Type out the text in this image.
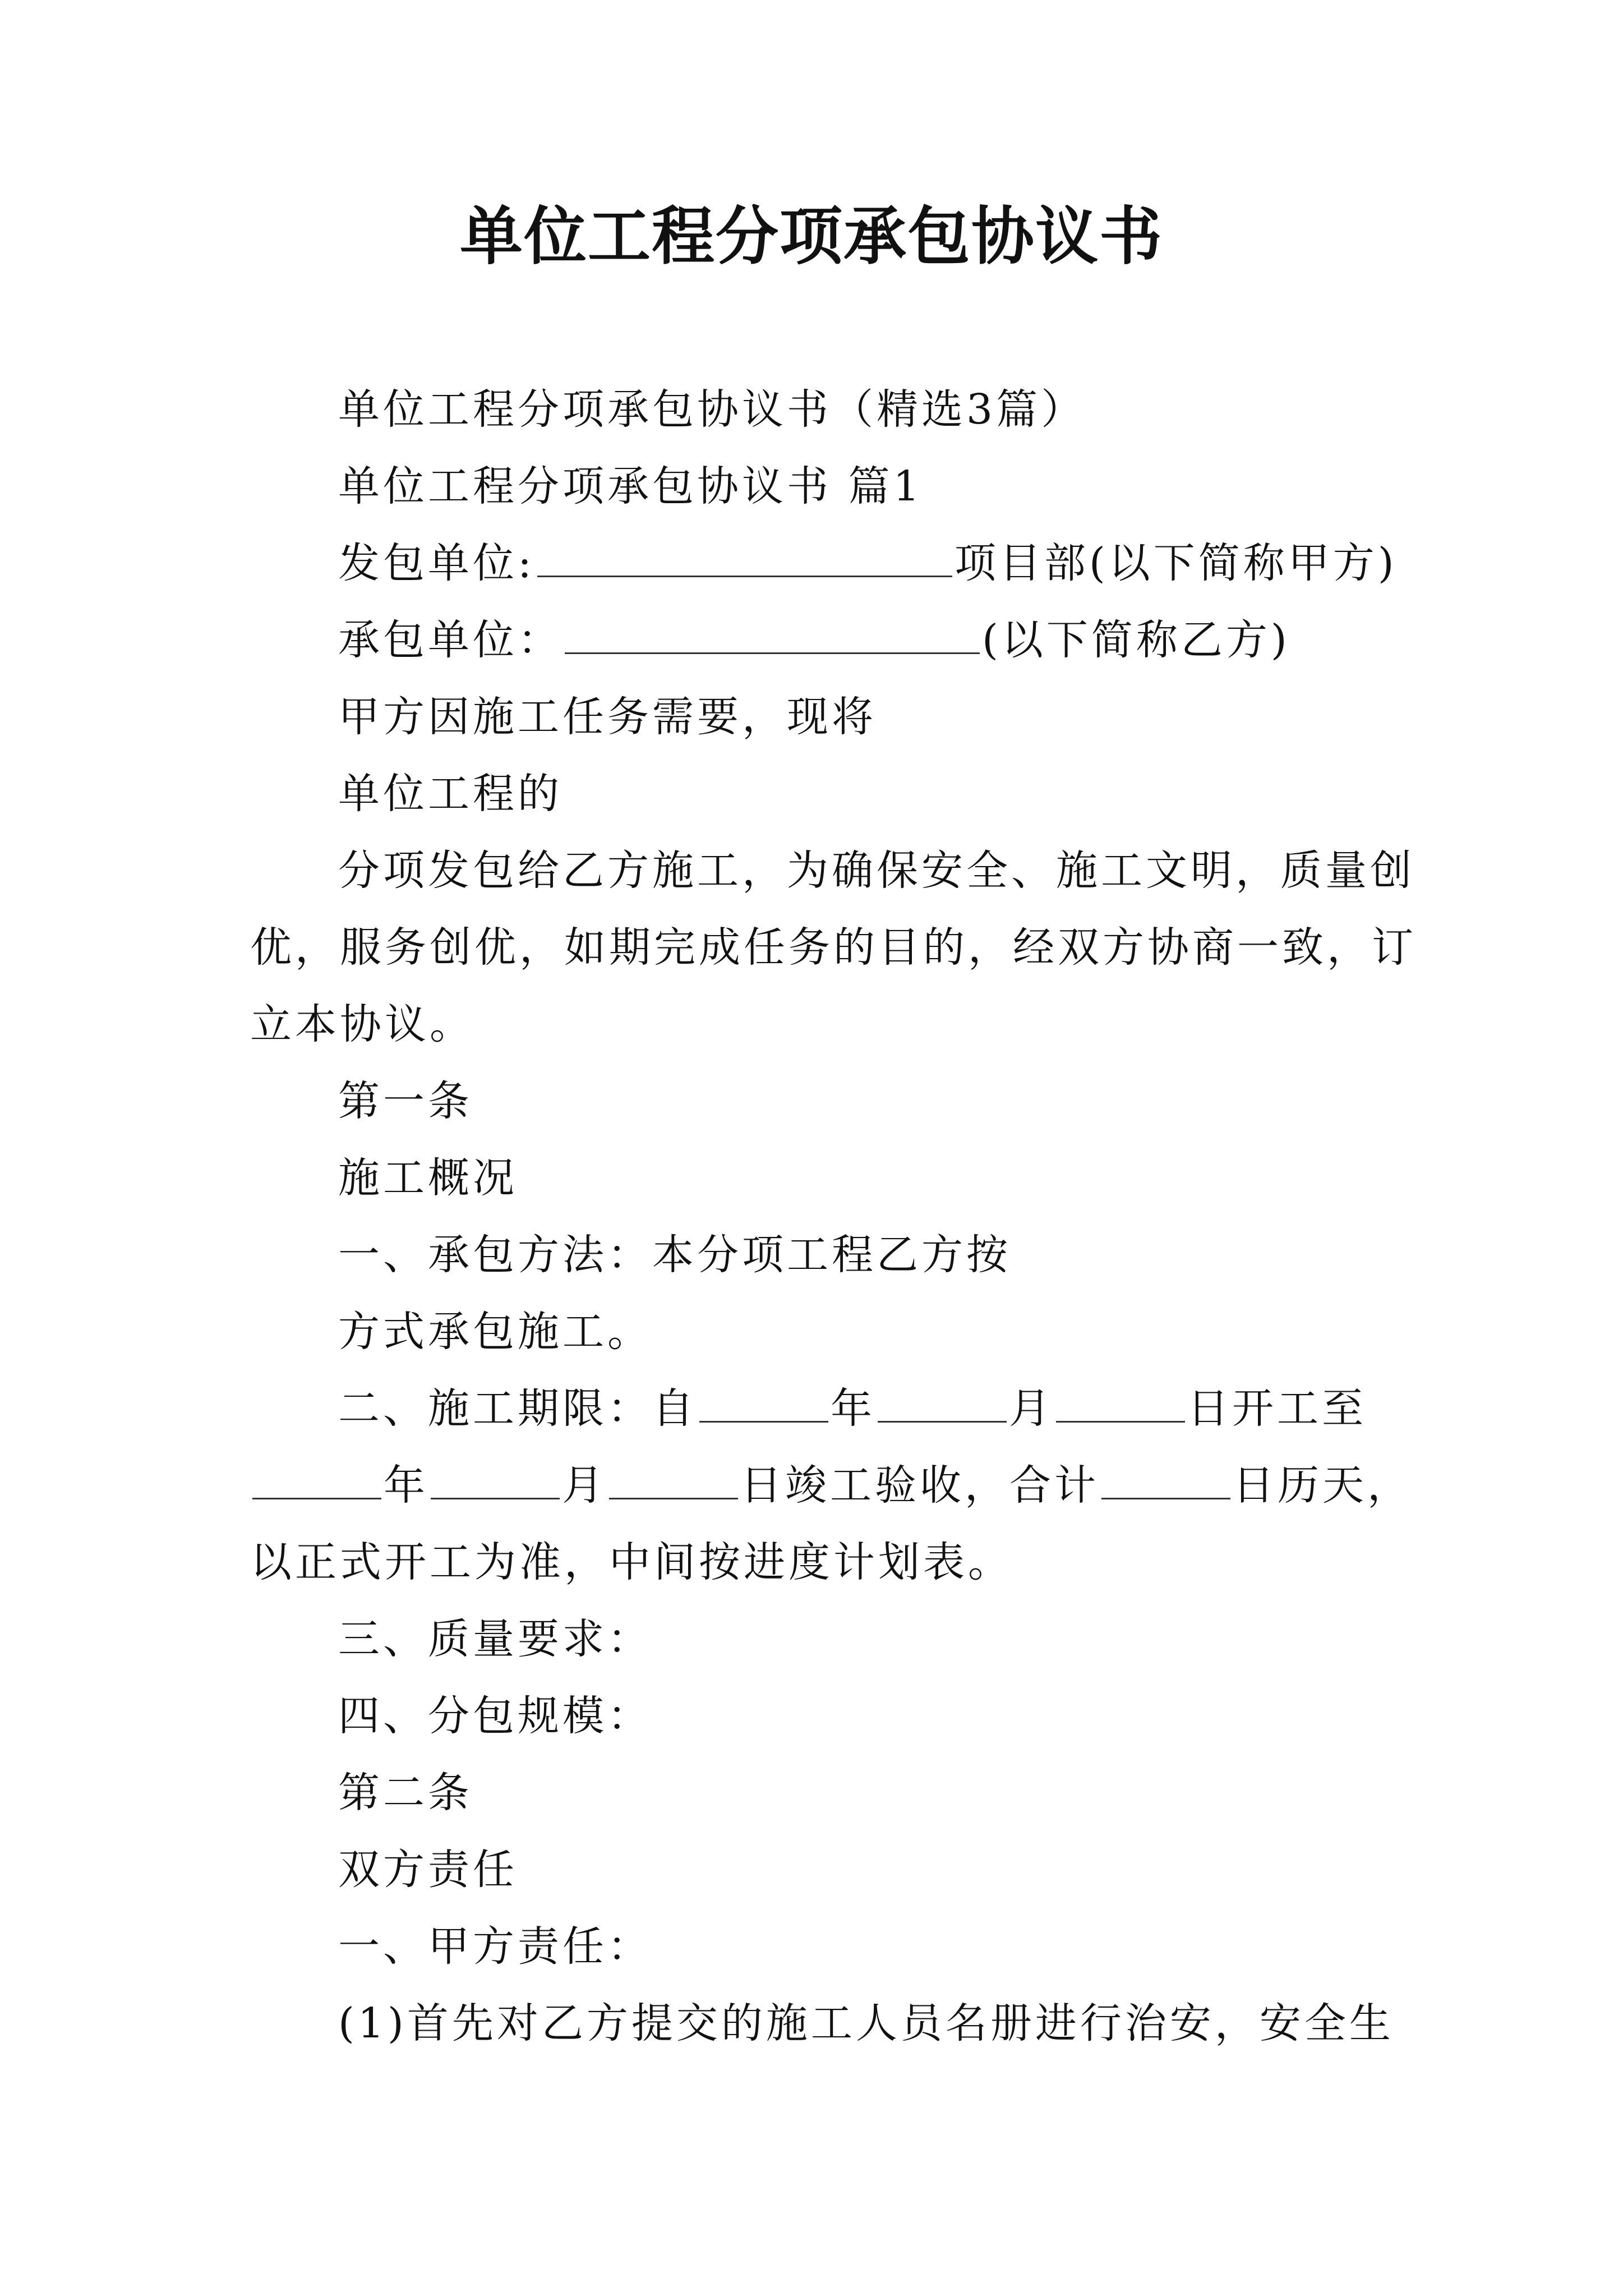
单位工程分项承包协议书
单位工程分项承包协议书（精选3篇）
单位工程分项承包协议书 篇1
发包单位:	项目部(以下简称甲方)
承包单位：	(以下简称乙方)
甲方因施工任务需要，现将
单位工程的
分项发包给乙方施工，为确保安全、施工文明，质量创
优，服务创优，如期完成任务的目的，经双方协商一致，订
立本协议。
第一条
施工概况
一、承包方法：本分项工程乙方按
方式承包施工。
二、施工期限：自	年	月	日开工至
年	月	日竣工验收，合计	日历天，
以正式开工为准，中间按进度计划表。
三、质量要求：
四、分包规模：
第二条
双方责任
一、甲方责任：
(1)首先对乙方提交的施工人员名册进行治安，安全生
